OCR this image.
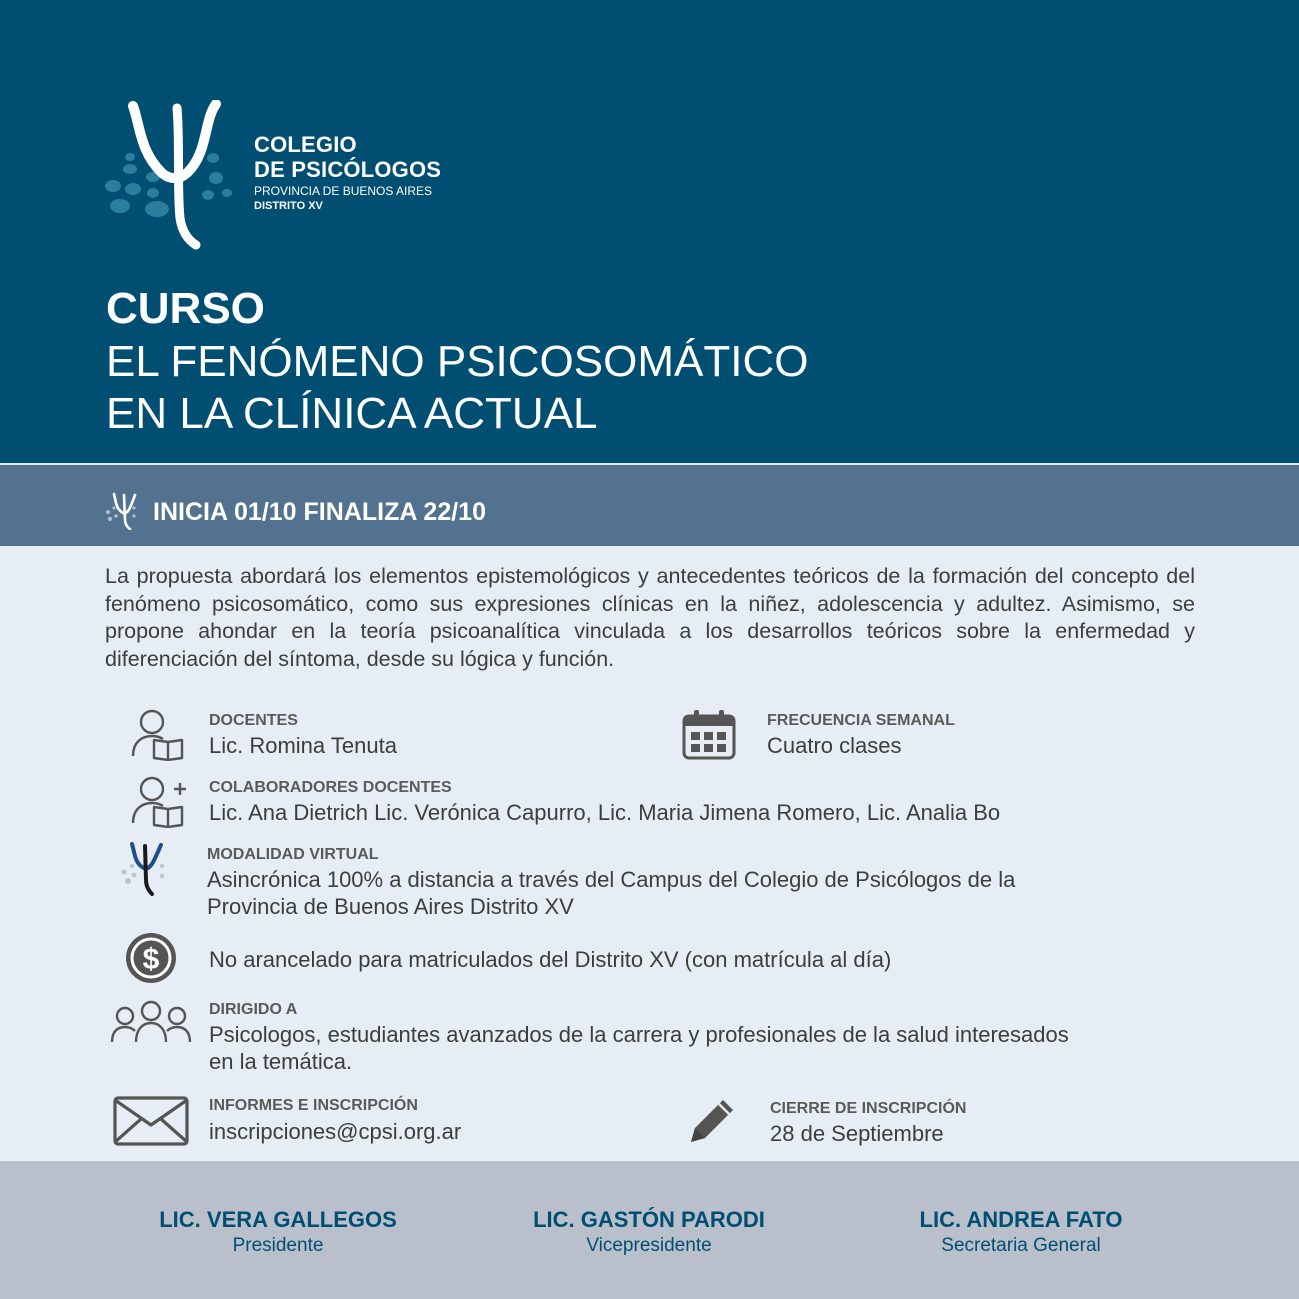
COLEGIO
DE PSICÓLOGOS
PROVINCIA DE BUENOS AIRES
DISTRITO XV
CURSO
EL FENÓMENO PSICOSOMÁTICO
EN LA CLÍNICA ACTUAL
INICIA 01/10 FINALIZA 22/10
La propuesta abordará los elementos epistemológicos y antecedentes teóricos de la formación del concepto del fenómeno psicosomático, como sus expresiones clínicas en la niñez, adolescencia y adultez. Asimismo, se propone ahondar en la teoría psicoanalítica vinculada a los desarrollos teóricos sobre la enfermedad y diferenciación del síntoma, desde su lógica y función.
DOCENTES
Lic. Romina Tenuta
FRECUENCIA SEMANAL
Cuatro clases
COLABORADORES DOCENTES
Lic. Ana Dietrich Lic. Verónica Capurro, Lic. Maria Jimena Romero, Lic. Analia Bo
MODALIDAD VIRTUAL
Asincrónica 100% a distancia a través del Campus del Colegio de Psicólogos de la
Provincia de Buenos Aires Distrito XV
$ No arancelado para matriculados del Distrito XV (con matrícula al día)
DIRIGIDO A
Psicologos, estudiantes avanzados de la carrera y profesionales de la salud interesados
en la temática.
INFORMES E INSCRIPCIÓN
inscripciones@cpsi.org.ar
CIERRE DE INSCRIPCIÓN
28 de Septiembre
LIC. VERA GALLEGOS
Presidente
LIC. GASTÓN PARODI
Vicepresidente
LIC. ANDREA FATO
Secretaria General
